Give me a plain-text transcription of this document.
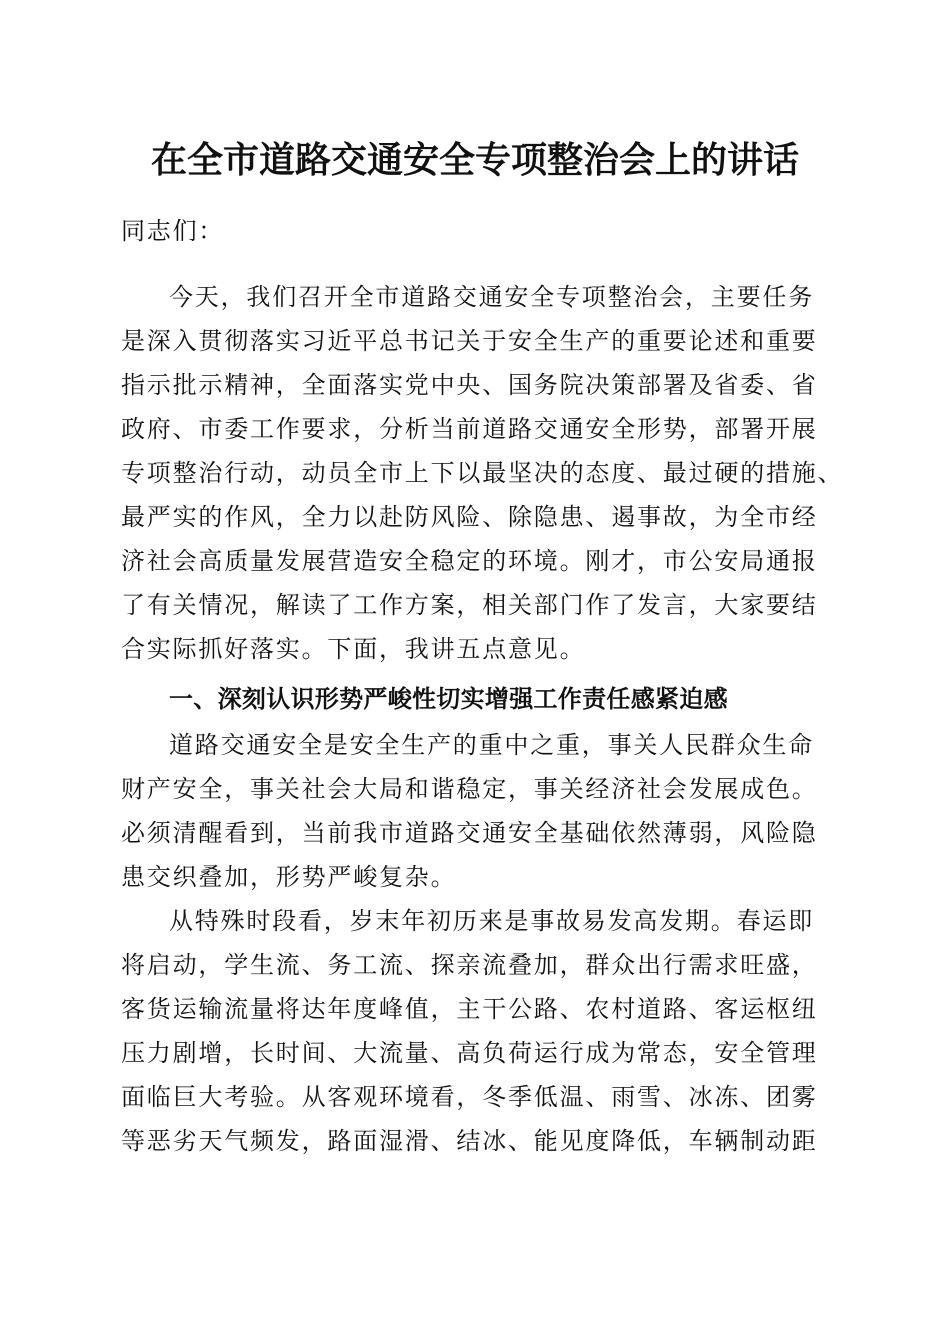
在全市道路交通安全专项整治会上的讲话
同志们：
今天，我们召开全市道路交通安全专项整治会，主要任务
是深入贯彻落实习近平总书记关于安全生产的重要论述和重要
指示批示精神，全面落实党中央、国务院决策部署及省委、省
政府、市委工作要求，分析当前道路交通安全形势，部署开展
专项整治行动，动员全市上下以最坚决的态度、最过硬的措施、
最严实的作风，全力以赴防风险、除隐患、遏事故，为全市经
济社会高质量发展营造安全稳定的环境。刚才，市公安局通报
了有关情况，解读了工作方案，相关部门作了发言，大家要结
合实际抓好落实。下面，我讲五点意见。
一、深刻认识形势严峻性切实增强工作责任感紧迫感
道路交通安全是安全生产的重中之重，事关人民群众生命
财产安全，事关社会大局和谐稳定，事关经济社会发展成色。
必须清醒看到，当前我市道路交通安全基础依然薄弱，风险隐
患交织叠加，形势严峻复杂。
从特殊时段看，岁末年初历来是事故易发高发期。春运即
将启动，学生流、务工流、探亲流叠加，群众出行需求旺盛，
客货运输流量将达年度峰值，主干公路、农村道路、客运枢纽
压力剧增，长时间、大流量、高负荷运行成为常态，安全管理
面临巨大考验。从客观环境看，冬季低温、雨雪、冰冻、团雾
等恶劣天气频发，路面湿滑、结冰、能见度降低，车辆制动距
